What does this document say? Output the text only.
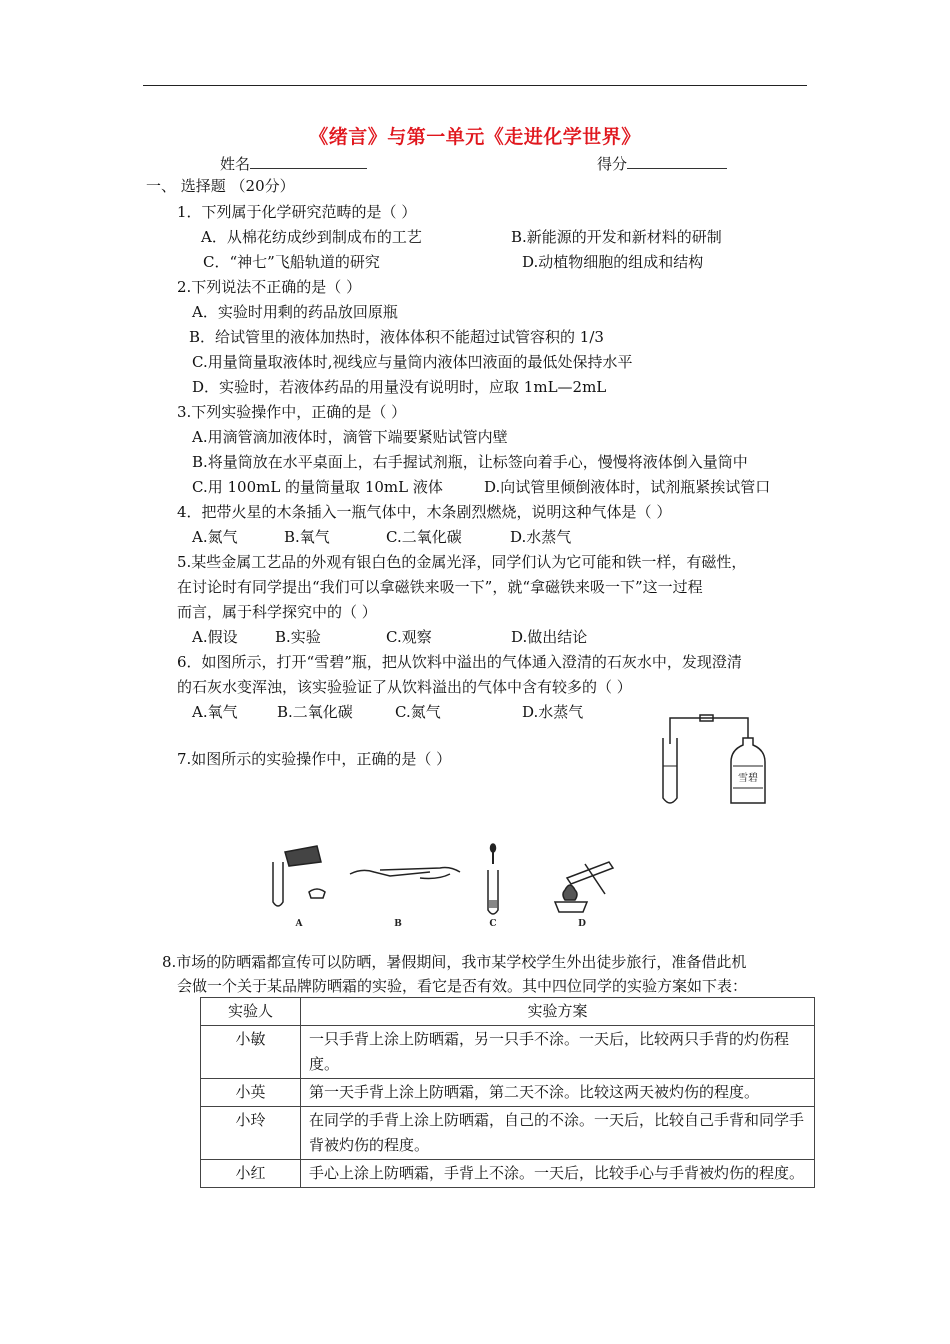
《绪言》与第一单元《走进化学世界》
姓名	得分
一、 选择题 （20分）
1．下列属于化学研究范畴的是（ ）
A．从棉花纺成纱到制成布的工艺	B.新能源的开发和新材料的研制
C．“神七”飞船轨道的研究	D.动植物细胞的组成和结构
2.下列说法不正确的是（ ）
A．实验时用剩的药品放回原瓶
B．给试管里的液体加热时，液体体积不能超过试管容积的 1/3
C.用量筒量取液体时,视线应与量筒内液体凹液面的最低处保持水平
D．实验时，若液体药品的用量没有说明时，应取 1mL—2mL
3.下列实验操作中，正确的是（ ）
A.用滴管滴加液体时，滴管下端要紧贴试管内壁
B.将量筒放在水平桌面上，右手握试剂瓶，让标签向着手心，慢慢将液体倒入量筒中
C.用 100mL 的量筒量取 10mL 液体	D.向试管里倾倒液体时，试剂瓶紧挨试管口
4．把带火星的木条插入一瓶气体中，木条剧烈燃烧，说明这种气体是（ ）
A.氮气	B.氧气	C.二氧化碳	D.水蒸气
5.某些金属工艺品的外观有银白色的金属光泽，同学们认为它可能和铁一样，有磁性，
在讨论时有同学提出“我们可以拿磁铁来吸一下”，就“拿磁铁来吸一下”这一过程
而言，属于科学探究中的（ ）
A.假设 B.实验	C.观察	D.做出结论
6．如图所示，打开“雪碧”瓶，把从饮料中溢出的气体通入澄清的石灰水中，发现澄清
的石灰水变浑浊，该实验验证了从饮料溢出的气体中含有较多的（ ）
A.氧气	B.二氧化碳	C.氮气	D.水蒸气
雪碧
7.如图所示的实验操作中，正确的是（ ）
A	B	C	D
8.市场的防晒霜都宣传可以防晒，暑假期间，我市某学校学生外出徒步旅行，准备借此机
会做一个关于某品牌防晒霜的实验，看它是否有效。其中四位同学的实验方案如下表：
实验人	实验方案
小敏	一只手背上涂上防晒霜，另一只手不涂。一天后，比较两只手背的灼伤程度。
小英	第一天手背上涂上防晒霜，第二天不涂。比较这两天被灼伤的程度。
小玲	在同学的手背上涂上防晒霜，自己的不涂。一天后，比较自己手背和同学手背被灼伤的程度。
小红	手心上涂上防晒霜，手背上不涂。一天后，比较手心与手背被灼伤的程度。
